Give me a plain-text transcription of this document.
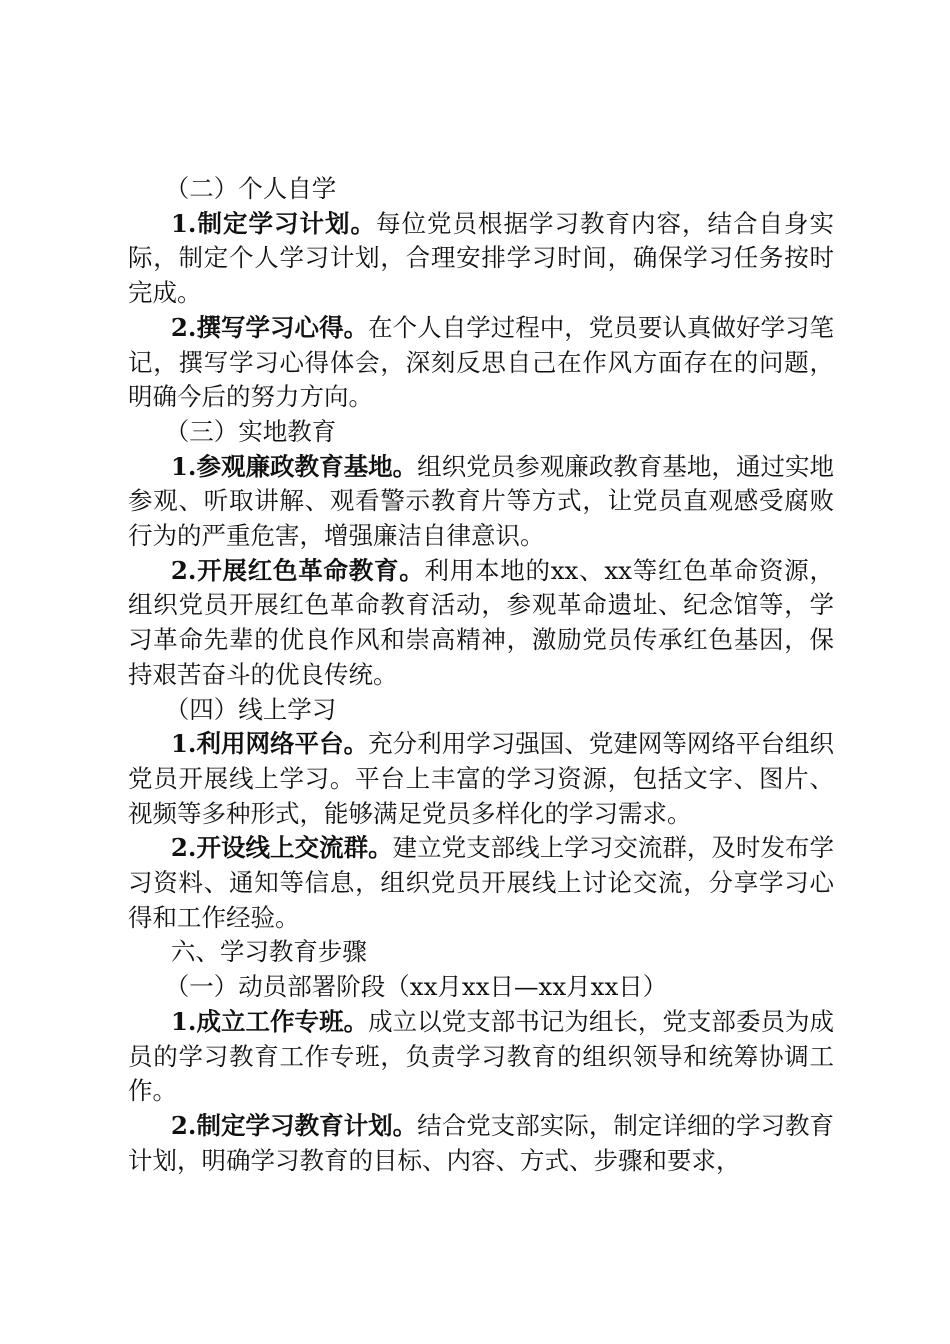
（二）个人自学

1.制定学习计划。每位党员根据学习教育内容，结合自身实际，制定个人学习计划，合理安排学习时间，确保学习任务按时完成。

2.撰写学习心得。在个人自学过程中，党员要认真做好学习笔记，撰写学习心得体会，深刻反思自己在作风方面存在的问题，明确今后的努力方向。

（三）实地教育

1.参观廉政教育基地。组织党员参观廉政教育基地，通过实地参观、听取讲解、观看警示教育片等方式，让党员直观感受腐败行为的严重危害，增强廉洁自律意识。

2.开展红色革命教育。利用本地的xx、xx等红色革命资源，组织党员开展红色革命教育活动，参观革命遗址、纪念馆等，学习革命先辈的优良作风和崇高精神，激励党员传承红色基因，保持艰苦奋斗的优良传统。

（四）线上学习

1.利用网络平台。充分利用学习强国、党建网等网络平台组织党员开展线上学习。平台上丰富的学习资源，包括文字、图片、视频等多种形式，能够满足党员多样化的学习需求。

2.开设线上交流群。建立党支部线上学习交流群，及时发布学习资料、通知等信息，组织党员开展线上讨论交流，分享学习心得和工作经验。

六、学习教育步骤

（一）动员部署阶段（xx月xx日—xx月xx日）

1.成立工作专班。成立以党支部书记为组长，党支部委员为成员的学习教育工作专班，负责学习教育的组织领导和统筹协调工作。

2.制定学习教育计划。结合党支部实际，制定详细的学习教育计划，明确学习教育的目标、内容、方式、步骤和要求，
